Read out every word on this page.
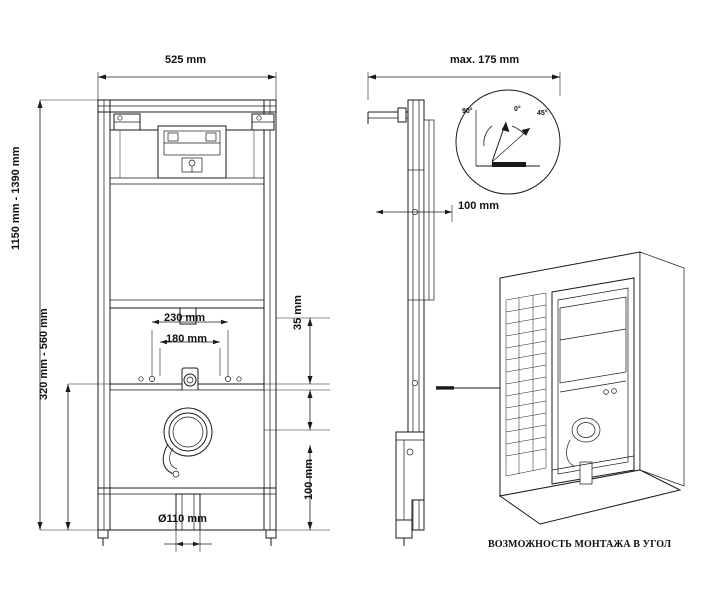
525 mm	max. 175 mm
1150 mm - 1390 mm
320 mm - 560 mm	230 mm
180 mm
35 mm
100 mm
100 mm
Ø110 mm
90°	0°
45°
ВОЗМОЖНОСТЬ МОНТАЖА В УГОЛ
